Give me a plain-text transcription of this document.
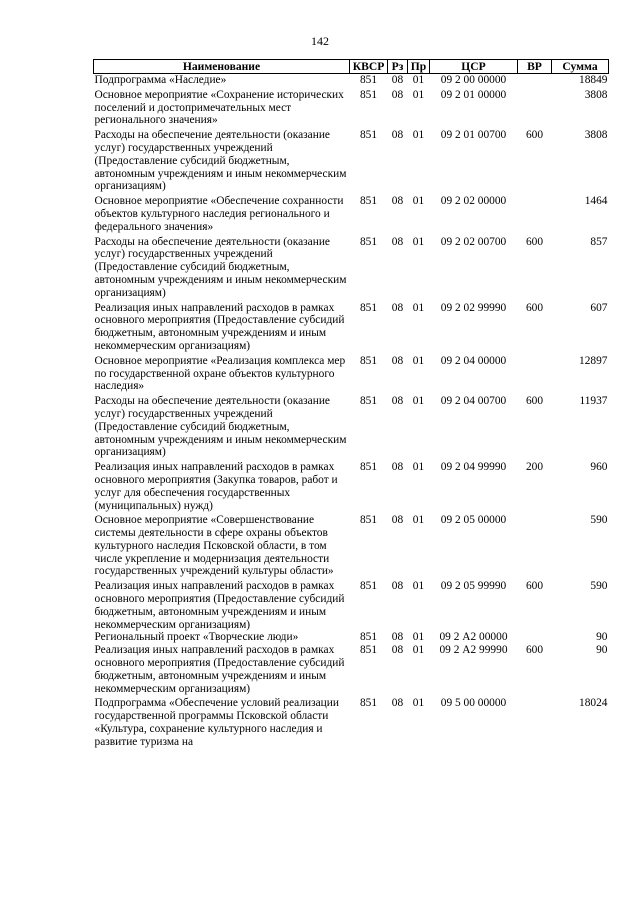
142
Наименование	КВСР	Рз	Пр	ЦСР	ВР	Сумма
Подпрограмма «Наследие»	851	08	01	09 2 00 00000		18849
Основное мероприятие «Сохранение исторических поселений и достопримечательных мест регионального значения»	851	08	01	09 2 01 00000		3808
Расходы на обеспечение деятельности (оказание услуг) государственных учреждений (Предоставление субсидий бюджетным, автономным учреждениям и иным некоммерческим организациям)	851	08	01	09 2 01 00700	600	3808
Основное мероприятие «Обеспечение сохранности объектов культурного наследия регионального и федерального значения»	851	08	01	09 2 02 00000		1464
Расходы на обеспечение деятельности (оказание услуг) государственных учреждений (Предоставление субсидий бюджетным, автономным учреждениям и иным некоммерческим организациям)	851	08	01	09 2 02 00700	600	857
Реализация иных направлений расходов в рамках основного мероприятия (Предоставление субсидий бюджетным, автономным учреждениям и иным некоммерческим организациям)	851	08	01	09 2 02 99990	600	607
Основное мероприятие «Реализация комплекса мер по государственной охране объектов культурного наследия»	851	08	01	09 2 04 00000		12897
Расходы на обеспечение деятельности (оказание услуг) государственных учреждений (Предоставление субсидий бюджетным, автономным учреждениям и иным некоммерческим организациям)	851	08	01	09 2 04 00700	600	11937
Реализация иных направлений расходов в рамках основного мероприятия (Закупка товаров, работ и услуг для обеспечения государственных (муниципальных) нужд)	851	08	01	09 2 04 99990	200	960
Основное мероприятие «Совершенствование системы деятельности в сфере охраны объектов культурного наследия Псковской области, в том числе укрепление и модернизация деятельности государственных учреждений культуры области»	851	08	01	09 2 05 00000		590
Реализация иных направлений расходов в рамках основного мероприятия (Предоставление субсидий бюджетным, автономным учреждениям и иным некоммерческим организациям)	851	08	01	09 2 05 99990	600	590
Региональный проект «Творческие люди»	851	08	01	09 2 А2 00000		90
Реализация иных направлений расходов в рамках основного мероприятия (Предоставление субсидий бюджетным, автономным учреждениям и иным некоммерческим организациям)	851	08	01	09 2 А2 99990	600	90
Подпрограмма «Обеспечение условий реализации государственной программы Псковской области «Культура, сохранение культурного наследия и развитие туризма на	851	08	01	09 5 00 00000		18024
